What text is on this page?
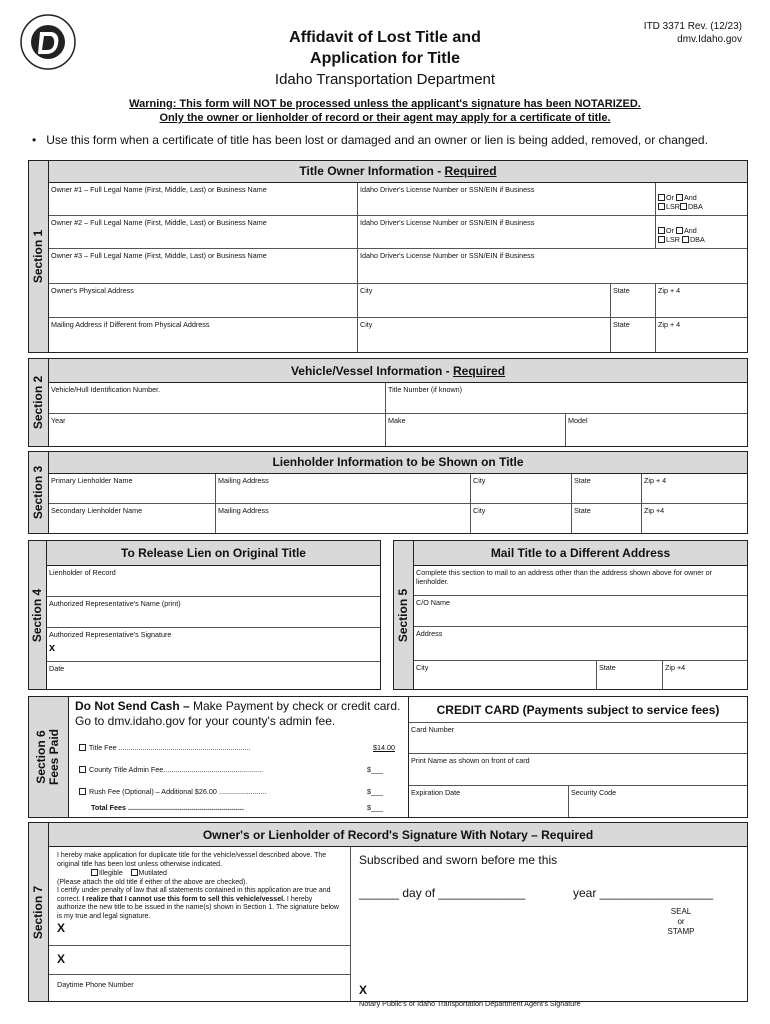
Affidavit of Lost Title and
Application for Title
Idaho Transportation Department
ITD 3371 Rev. (12/23)
dmv.Idaho.gov
Warning: This form will NOT be processed unless the applicant's signature has been NOTARIZED.
Only the owner or lienholder of record or their agent may apply for a certificate of title.
• Use this form when a certificate of title has been lost or damaged and an owner or lien is being added, removed, or changed.
Section 1
Title Owner Information - Required
Owner #1 – Full Legal Name (First, Middle, Last) or Business Name	Idaho Driver's License Number or SSN/EIN if Business
Or And
LSR DBA
Owner #2 – Full Legal Name (First, Middle, Last) or Business Name	Idaho Driver's License Number or SSN/EIN if Business
Or And
LSR DBA
Owner #3 – Full Legal Name (First, Middle, Last) or Business Name	Idaho Driver's License Number or SSN/EIN if Business
Owner's Physical Address	City	State	Zip + 4
Mailing Address if Different from Physical Address	City	State	Zip + 4
Section 2
Vehicle/Vessel Information - Required
Vehicle/Hull Identification Number.	Title Number (if known)
Year	Make	Model
Section 3
Lienholder Information to be Shown on Title
Primary Lienholder Name	Mailing Address	City	State	Zip + 4
Secondary Lienholder Name	Mailing Address	City	State	Zip +4
Section 4
To Release Lien on Original Title
Lienholder of Record
Authorized Representative's Name (print)
Authorized Representative's Signature
x
Date
Section 5
Mail Title to a Different Address
Complete this section to mail to an address other than the address shown above for owner or lienholder.
C/O Name
Address
City	State	Zip +4
Section 6
Fees Paid
Do Not Send Cash – Make Payment by check or credit card. Go to dmv.idaho.gov for your county's admin fee.
Title Fee ..................................................................	$14.00
County Title Admin Fee..................................................	$___
Rush Fee (Optional) – Additional $26.00 ........................	$___
Total Fees ..........................................................	$___
CREDIT CARD (Payments subject to service fees)
Card Number
Print Name as shown on front of card
Expiration Date	Security Code
Section 7
Owner's or Lienholder of Record's Signature With Notary – Required
I hereby make application for duplicate title for the vehicle/vessel described above. The original title has been lost unless otherwise indicated.
Illegible Mutilated
(Please attach the old title if either of the above are checked).
I certify under penalty of law that all statements contained in this application are true and correct. I realize that I cannot use this form to sell this vehicle/vessel. I hereby authorize the new title to be issued in the name(s) shown in Section 1. The signature below is my true and legal signature.
X
X
Daytime Phone Number
Subscribed and sworn before me this
______ day of _____________	year _________________
SEAL
or
STAMP
X
Notary Public's or Idaho Transportation Department Agent's Signature
